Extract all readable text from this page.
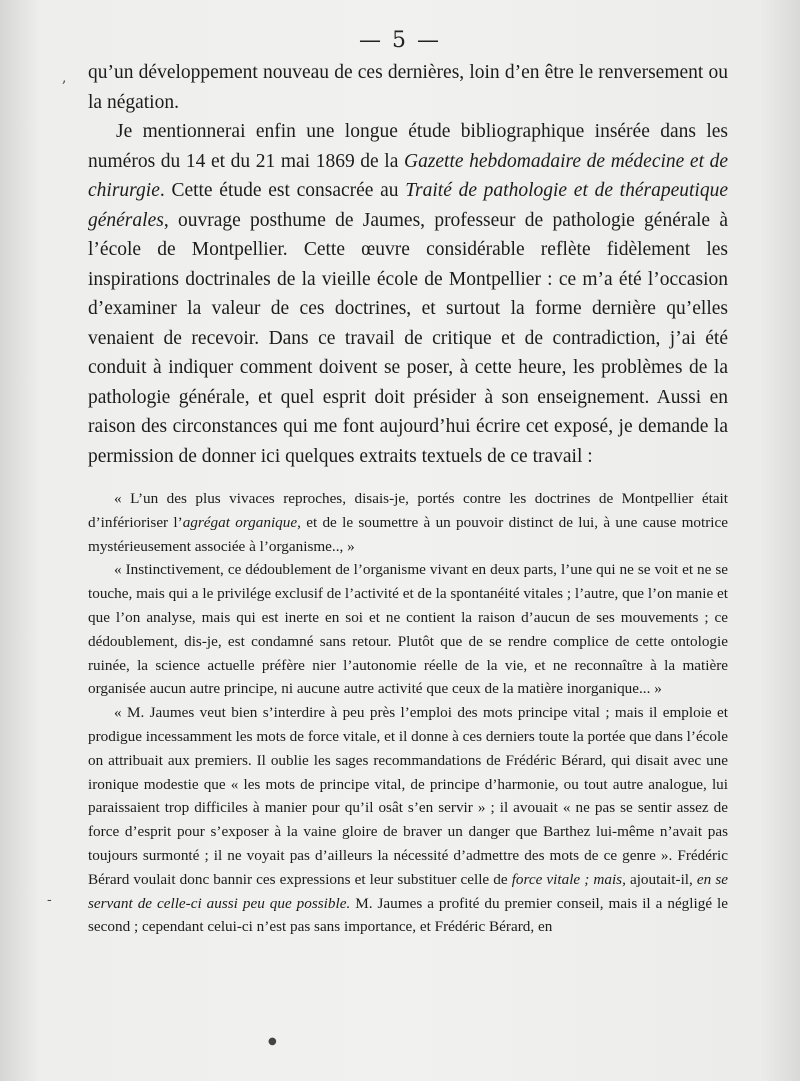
— 5 —
,
-
●

qu’un développement nouveau de ces dernières, loin d’en être le renversement ou la négation.

Je mentionnerai enfin une longue étude bibliographique insérée dans les numéros du 14 et du 21 mai 1869 de la Gazette hebdomadaire de médecine et de chirurgie. Cette étude est consacrée au Traité de pathologie et de thérapeutique générales, ouvrage posthume de Jaumes, professeur de pathologie générale à l’école de Montpellier. Cette œuvre considérable reflète fidèlement les inspirations doctrinales de la vieille école de Montpellier : ce m’a été l’occasion d’examiner la valeur de ces doctrines, et surtout la forme dernière qu’elles venaient de recevoir. Dans ce travail de critique et de contradiction, j’ai été conduit à indiquer comment doivent se poser, à cette heure, les problèmes de la pathologie générale, et quel esprit doit présider à son enseignement. Aussi en raison des circonstances qui me font aujourd’hui écrire cet exposé, je demande la permission de donner ici quelques extraits textuels de ce travail :

« L’un des plus vivaces reproches, disais-je, portés contre les doctrines de Montpellier était d’inférioriser l’agrégat organique, et de le soumettre à un pouvoir distinct de lui, à une cause motrice mystérieusement associée à l’organisme.., »

« Instinctivement, ce dédoublement de l’organisme vivant en deux parts, l’une qui ne se voit et ne se touche, mais qui a le privilége exclusif de l’activité et de la spontanéité vitales ; l’autre, que l’on manie et que l’on analyse, mais qui est inerte en soi et ne contient la raison d’aucun de ses mouvements ; ce dédoublement, dis-je, est condamné sans retour. Plutôt que de se rendre complice de cette ontologie ruinée, la science actuelle préfère nier l’autonomie réelle de la vie, et ne reconnaître à la matière organisée aucun autre principe, ni aucune autre activité que ceux de la matière inorganique... »

« M. Jaumes veut bien s’interdire à peu près l’emploi des mots principe vital ; mais il emploie et prodigue incessamment les mots de force vitale, et il donne à ces derniers toute la portée que dans l’école on attribuait aux premiers. Il oublie les sages recommandations de Frédéric Bérard, qui disait avec une ironique modestie que « les mots de principe vital, de principe d’harmonie, ou tout autre analogue, lui paraissaient trop difficiles à manier pour qu’il osât s’en servir » ; il avouait « ne pas se sentir assez de force d’esprit pour s’exposer à la vaine gloire de braver un danger que Barthez lui-même n’avait pas toujours surmonté ; il ne voyait pas d’ailleurs la nécessité d’admettre des mots de ce genre ». Frédéric Bérard voulait donc bannir ces expressions et leur substituer celle de force vitale ; mais, ajoutait-il, en se servant de celle-ci aussi peu que possible. M. Jaumes a profité du premier conseil, mais il a négligé le second ; cependant celui-ci n’est pas sans importance, et Frédéric Bérard, en
